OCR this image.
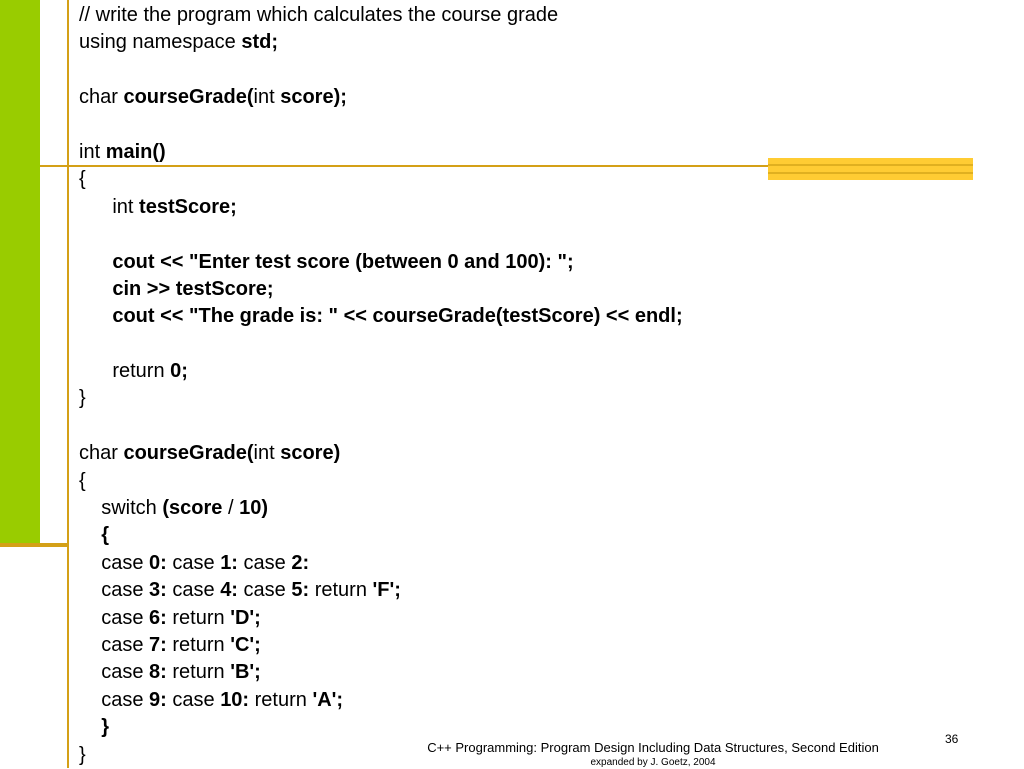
// write the program which calculates the course grade
using namespace std;
char courseGrade(int score);
int main()
{
int testScore;
cout << "Enter test score (between 0 and 100): ";
cin >> testScore;
cout << "The grade is: " << courseGrade(testScore) << endl;
return 0;
}
char courseGrade(int score)
{
switch (score / 10)
{
case 0: case 1: case 2:
case 3: case 4: case 5: return 'F';
case 6: return 'D';
case 7: return 'C';
case 8: return 'B';
case 9: case 10: return 'A';
}
}
36
C++ Programming: Program Design Including Data Structures, Second Edition
expanded by J. Goetz, 2004
